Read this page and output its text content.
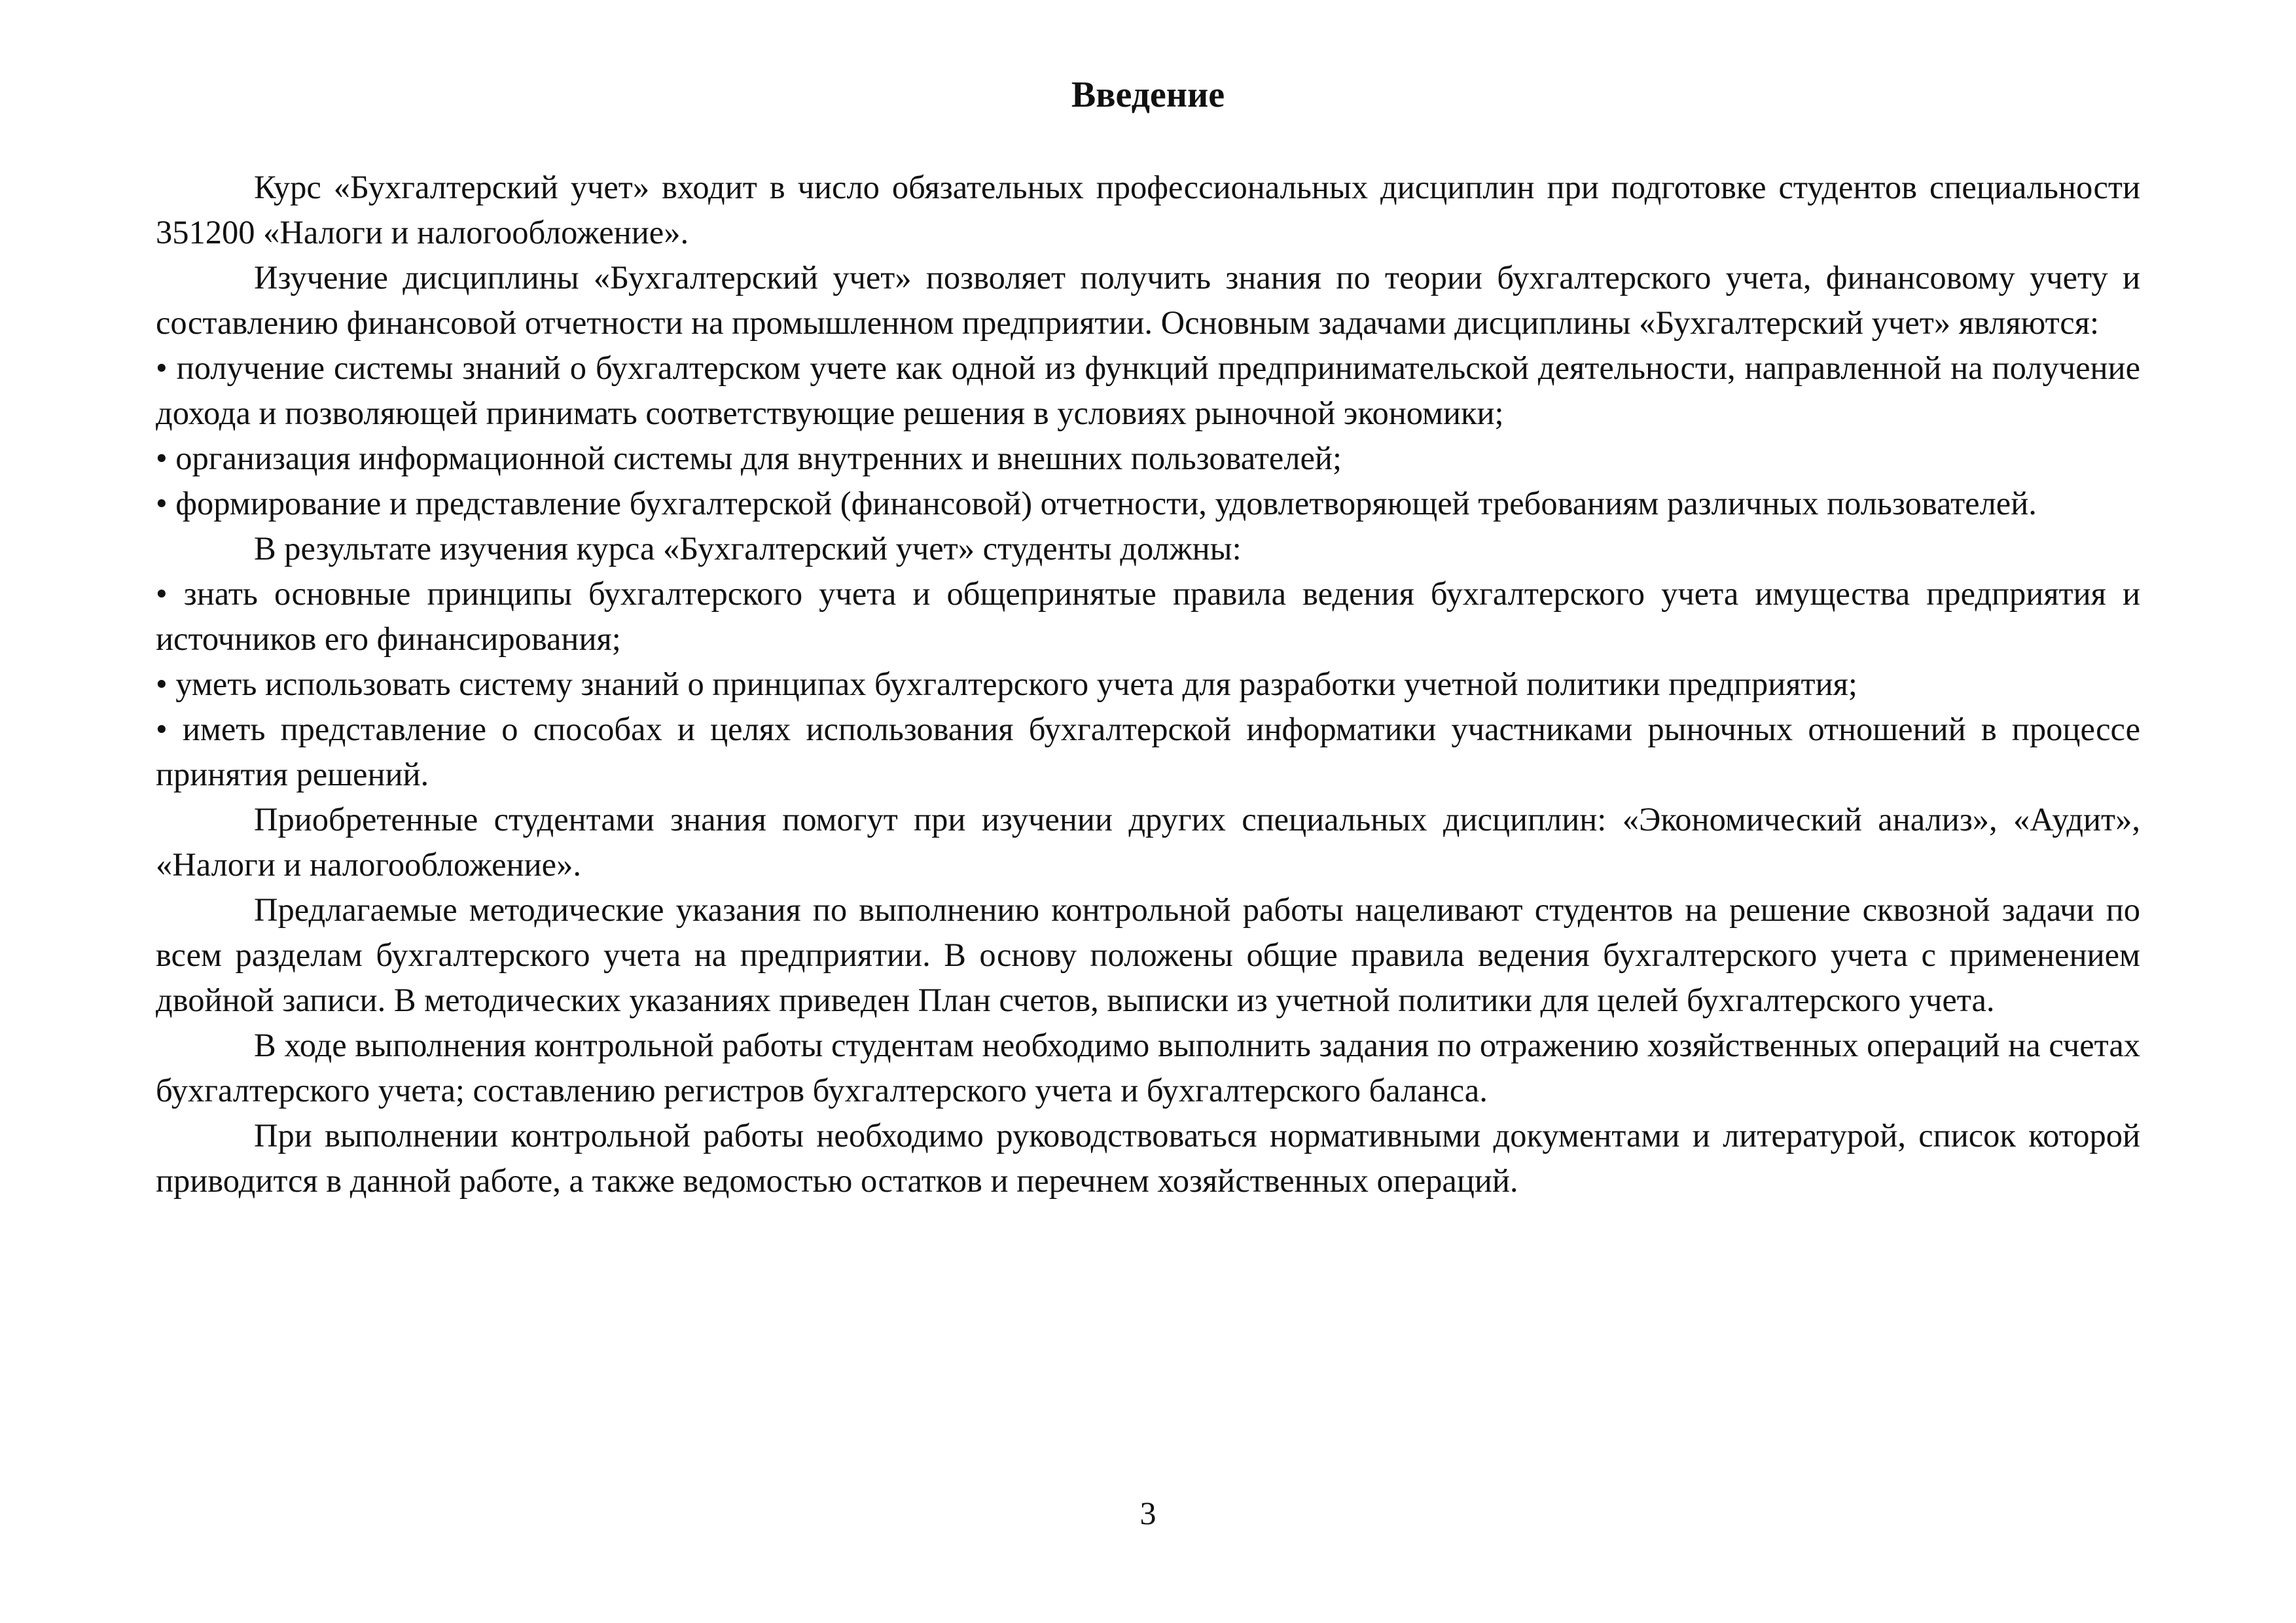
Введение

Курс «Бухгалтерский учет» входит в число обязательных профессиональных дисциплин при подготовке студентов специальности 351200 «Налоги и налогообложение».

Изучение дисциплины «Бухгалтерский учет» позволяет получить знания по теории бухгалтерского учета, финансовому учету и составлению финансовой отчетности на промышленном предприятии. Основным задачами дисциплины «Бухгалтерский учет» являются:

• получение системы знаний о бухгалтерском учете как одной из функций предпринимательской деятельности, направленной на получение дохода и позволяющей принимать соответствующие решения в условиях рыночной экономики;

• организация информационной системы для внутренних и внешних пользователей;

• формирование и представление бухгалтерской (финансовой) отчетности, удовлетворяющей требованиям различных пользователей.

В результате изучения курса «Бухгалтерский учет» студенты должны:

• знать основные принципы бухгалтерского учета и общепринятые правила ведения бухгалтерского учета имущества предприятия и источников его финансирования;

• уметь использовать систему знаний о принципах бухгалтерского учета для разработки учетной политики предприятия;

• иметь представление о способах и целях использования бухгалтерской информатики участниками рыночных отношений в процессе принятия решений.

Приобретенные студентами знания помогут при изучении других специальных дисциплин: «Экономический анализ», «Аудит», «Налоги и налогообложение».

Предлагаемые методические указания по выполнению контрольной работы нацеливают студентов на решение сквозной задачи по всем разделам бухгалтерского учета на предприятии. В основу положены общие правила ведения бухгалтерского учета с применением двойной записи. В методических указаниях приведен План счетов, выписки из учетной политики для целей бухгалтерского учета.

В ходе выполнения контрольной работы студентам необходимо выполнить задания по отражению хозяйственных операций на счетах бухгалтерского учета; составлению регистров бухгалтерского учета и бухгалтерского баланса.

При выполнении контрольной работы необходимо руководствоваться нормативными документами и литературой, список которой приводится в данной работе, а также ведомостью остатков и перечнем хозяйственных операций.

3
